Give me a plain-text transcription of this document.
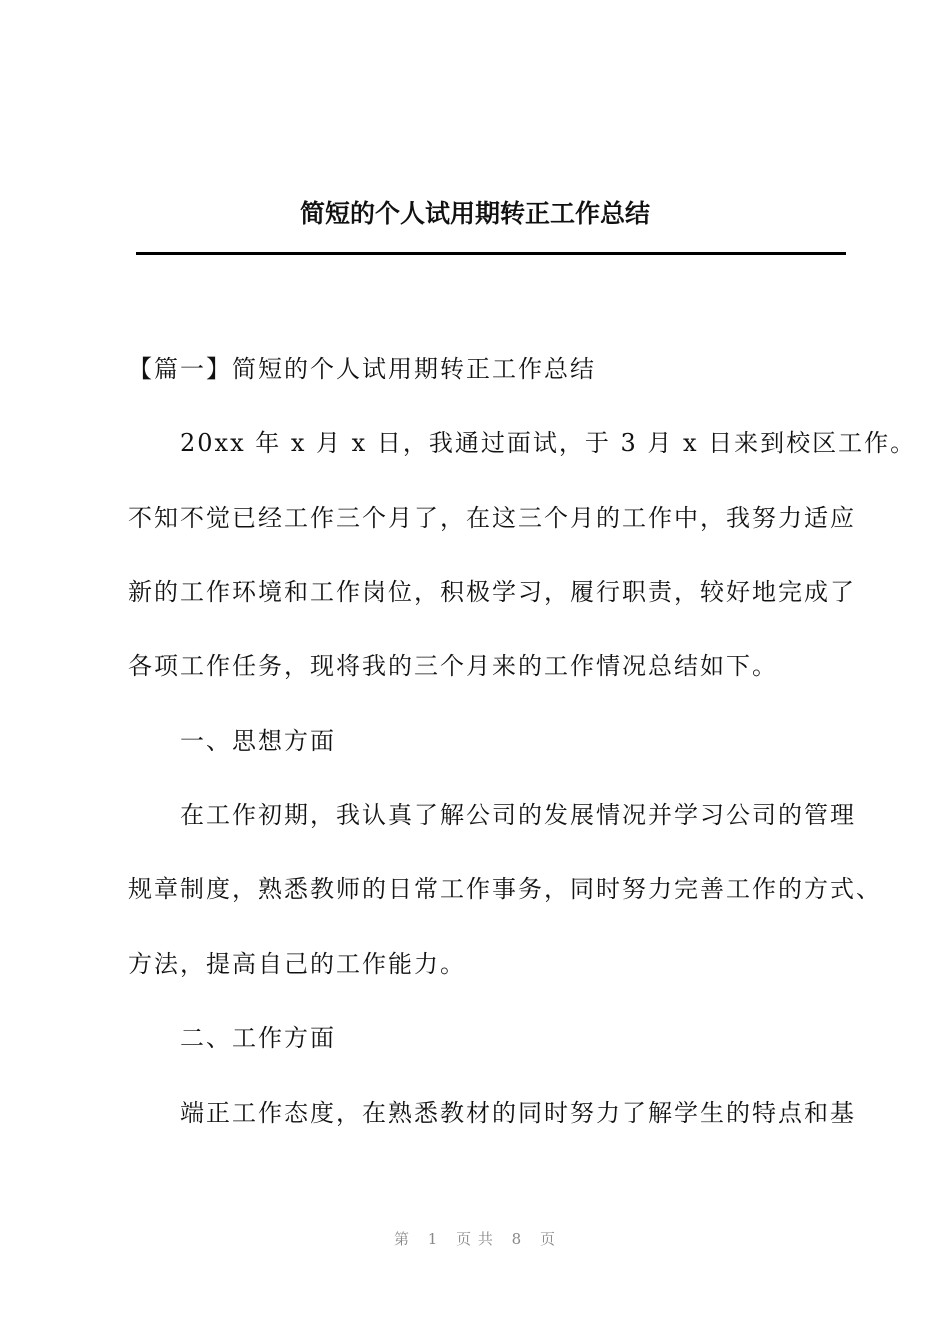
简短的个人试用期转正工作总结
【篇一】简短的个人试用期转正工作总结
20xx 年 x 月 x 日，我通过面试，于 3 月 x 日来到校区工作。
不知不觉已经工作三个月了，在这三个月的工作中，我努力适应
新的工作环境和工作岗位，积极学习，履行职责，较好地完成了
各项工作任务，现将我的三个月来的工作情况总结如下。
一、思想方面
在工作初期，我认真了解公司的发展情况并学习公司的管理
规章制度，熟悉教师的日常工作事务，同时努力完善工作的方式、
方法，提高自己的工作能力。
二、工作方面
端正工作态度，在熟悉教材的同时努力了解学生的特点和基
第 1 页 共 8 页
